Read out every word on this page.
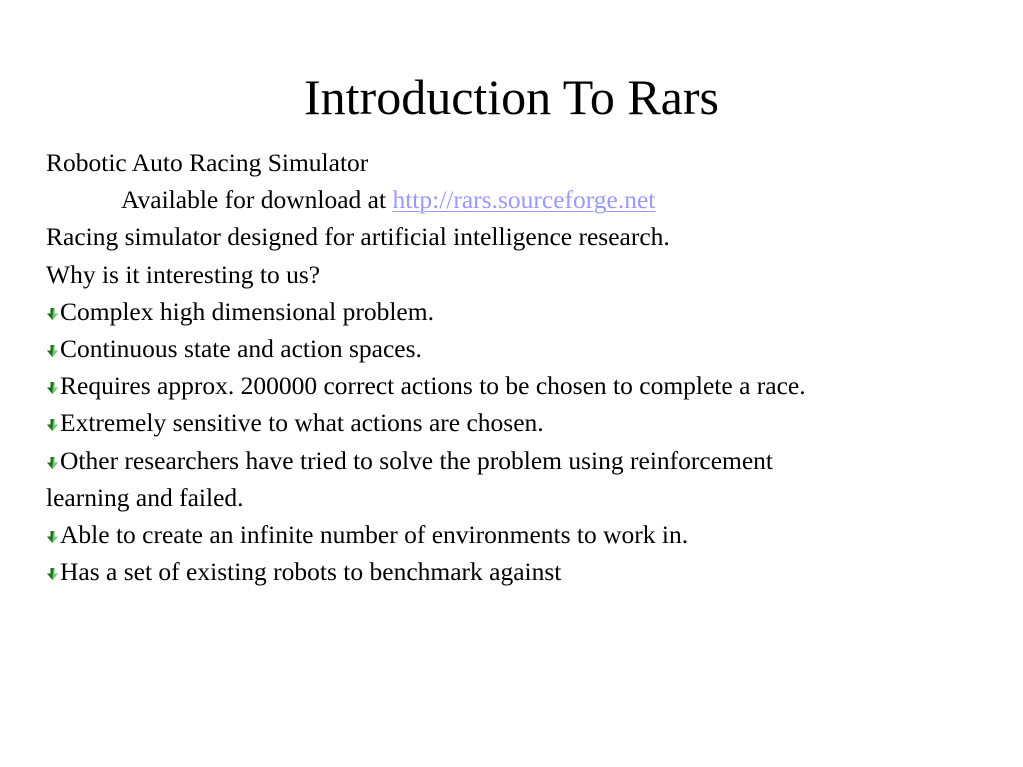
Introduction To Rars
Robotic Auto Racing Simulator
Available for download at http://rars.sourceforge.net
Racing simulator designed for artificial intelligence research.
Why is it interesting to us?
Complex high dimensional problem.
Continuous state and action spaces.
Requires approx. 200000 correct actions to be chosen to complete a race.
Extremely sensitive to what actions are chosen.
Other researchers have tried to solve the problem using reinforcement
learning and failed.
Able to create an infinite number of environments to work in.
Has a set of existing robots to benchmark against
